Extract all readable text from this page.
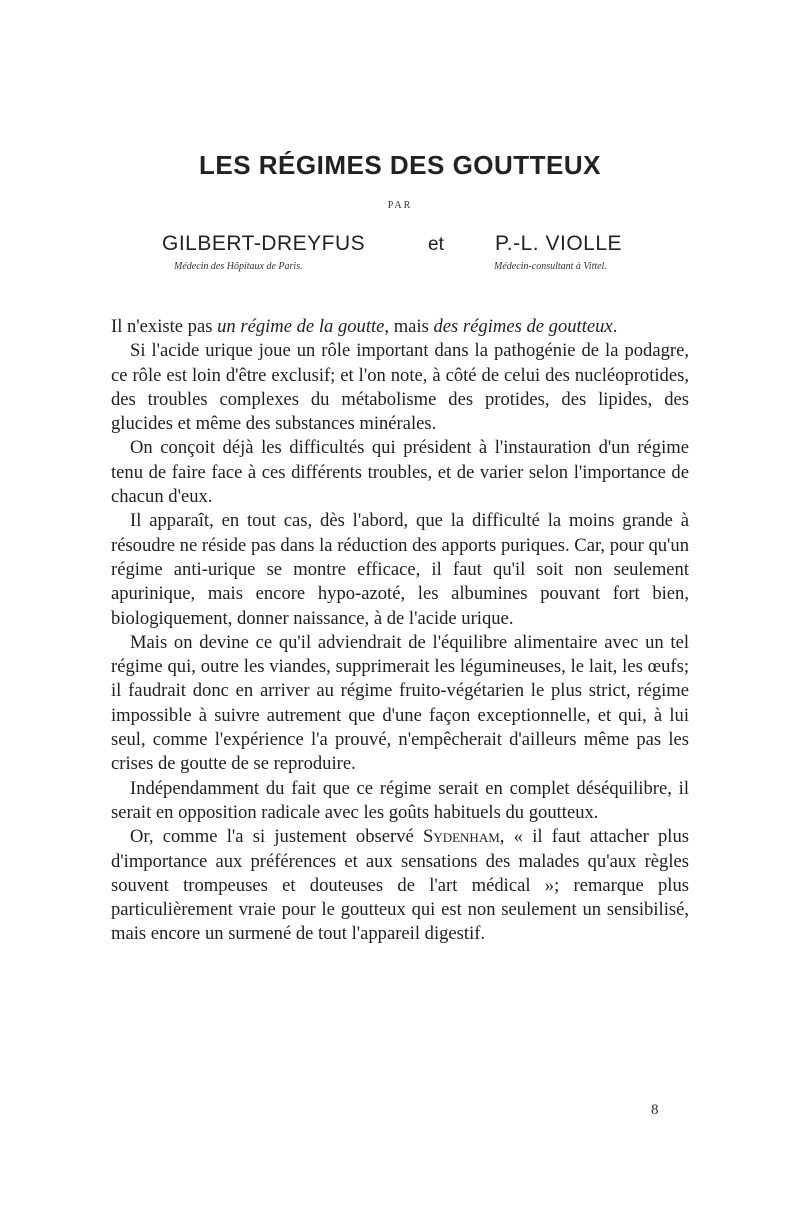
LES RÉGIMES DES GOUTTEUX
PAR
GILBERT-DREYFUS	et P.-L. VIOLLE
Médecin des Hôpitaux de Paris.	Médecin-consultant à Vittel.

Il n'existe pas un régime de la goutte, mais des régimes de goutteux.

Si l'acide urique joue un rôle important dans la pathogénie de la podagre, ce rôle est loin d'être exclusif; et l'on note, à côté de celui des nucléoprotides, des troubles complexes du métabolisme des protides, des lipides, des glucides et même des substances minérales.

On conçoit déjà les difficultés qui président à l'instauration d'un régime tenu de faire face à ces différents troubles, et de varier selon l'importance de chacun d'eux.

Il apparaît, en tout cas, dès l'abord, que la difficulté la moins grande à résoudre ne réside pas dans la réduction des apports puriques. Car, pour qu'un régime anti-urique se montre efficace, il faut qu'il soit non seulement apurinique, mais encore hypo-azoté, les albumines pouvant fort bien, biologiquement, donner naissance, à de l'acide urique.

Mais on devine ce qu'il adviendrait de l'équilibre alimentaire avec un tel régime qui, outre les viandes, supprimerait les légumineuses, le lait, les œufs; il faudrait donc en arriver au régime fruito-végétarien le plus strict, régime impossible à suivre autrement que d'une façon exceptionnelle, et qui, à lui seul, comme l'expérience l'a prouvé, n'empêcherait d'ailleurs même pas les crises de goutte de se reproduire.

Indépendamment du fait que ce régime serait en complet déséquilibre, il serait en opposition radicale avec les goûts habituels du goutteux.

Or, comme l'a si justement observé Sydenham, « il faut attacher plus d'importance aux préférences et aux sensations des malades qu'aux règles souvent trompeuses et douteuses de l'art médical »; remarque plus particulièrement vraie pour le goutteux qui est non seulement un sensibilisé, mais encore un surmené de tout l'appareil digestif.

8
